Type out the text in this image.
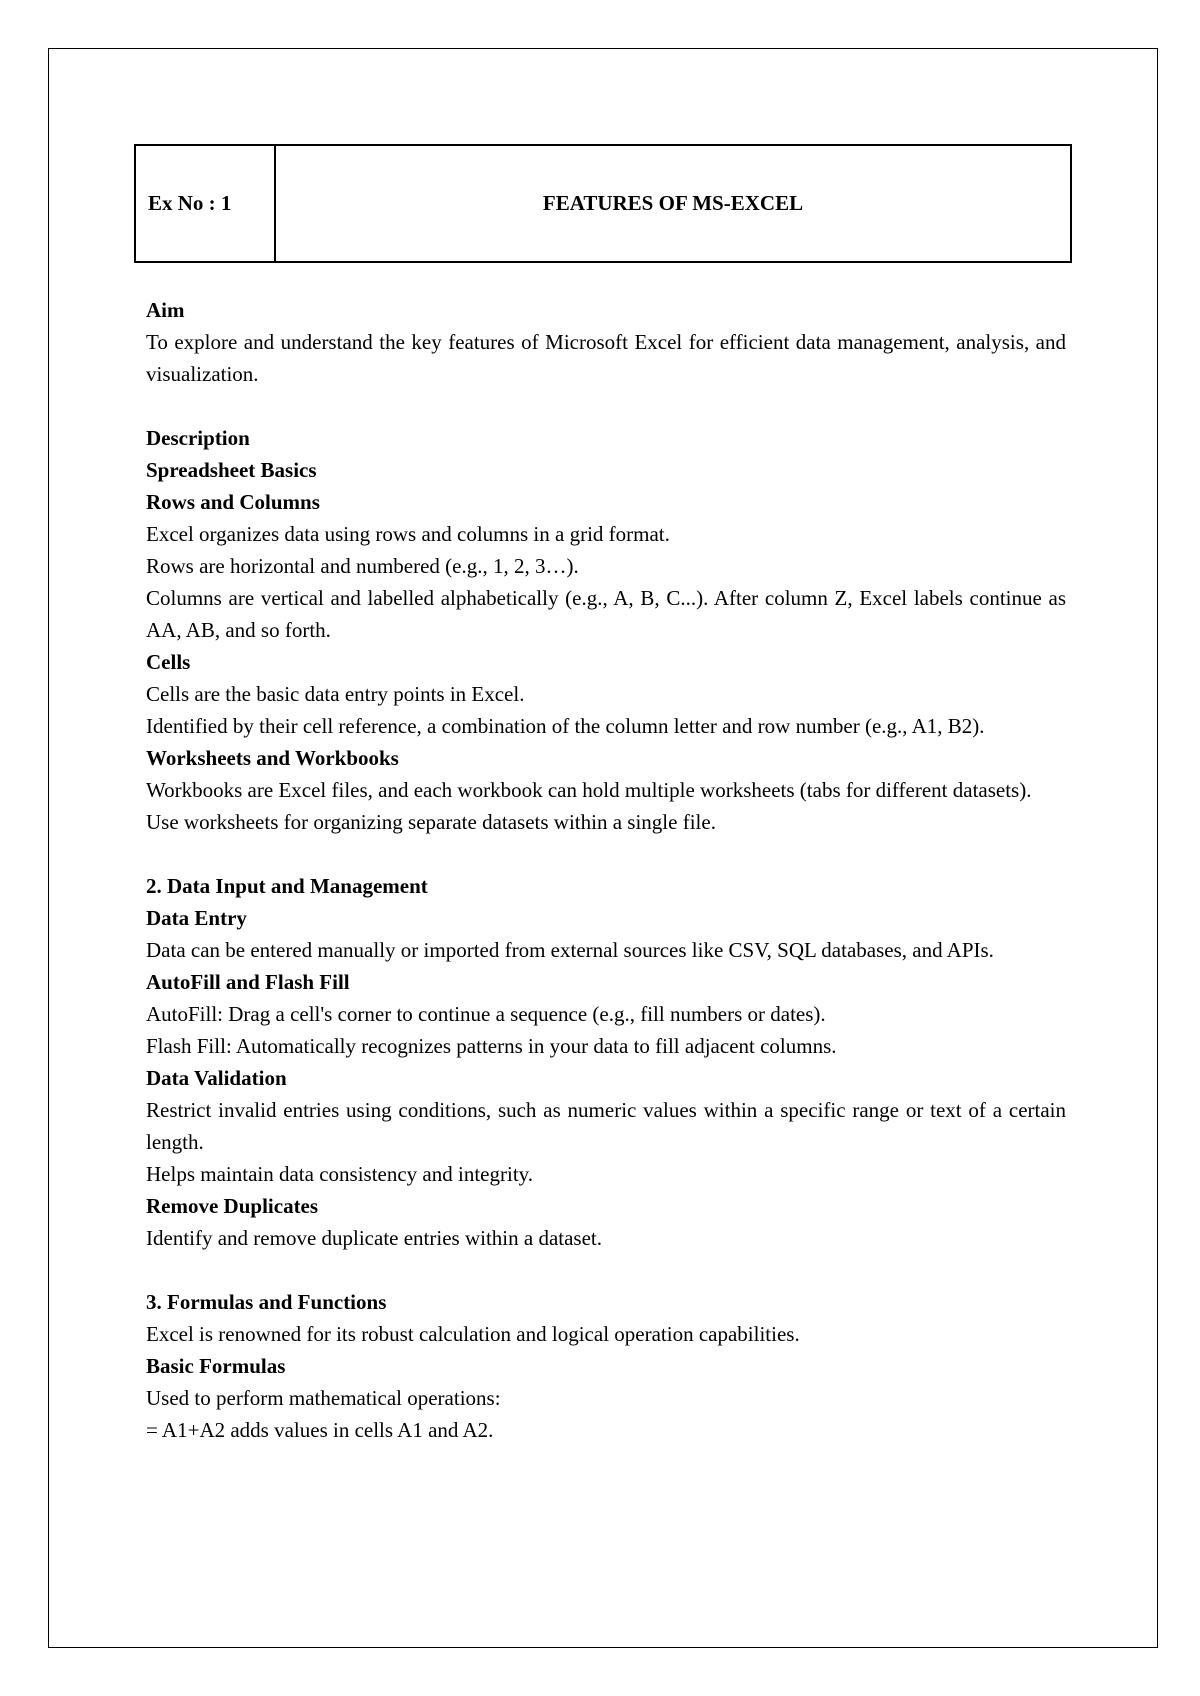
Ex No : 1	FEATURES OF MS-EXCEL
Aim

To explore and understand the key features of Microsoft Excel for efficient data management, analysis, and visualization.

Description
Spreadsheet Basics
Rows and Columns

Excel organizes data using rows and columns in a grid format.

Rows are horizontal and numbered (e.g., 1, 2, 3…).

Columns are vertical and labelled alphabetically (e.g., A, B, C...). After column Z, Excel labels continue as AA, AB, and so forth.

Cells

Cells are the basic data entry points in Excel.

Identified by their cell reference, a combination of the column letter and row number (e.g., A1, B2).

Worksheets and Workbooks

Workbooks are Excel files, and each workbook can hold multiple worksheets (tabs for different datasets).

Use worksheets for organizing separate datasets within a single file.

2. Data Input and Management
Data Entry

Data can be entered manually or imported from external sources like CSV, SQL databases, and APIs.

AutoFill and Flash Fill

AutoFill: Drag a cell's corner to continue a sequence (e.g., fill numbers or dates).

Flash Fill: Automatically recognizes patterns in your data to fill adjacent columns.

Data Validation

Restrict invalid entries using conditions, such as numeric values within a specific range or text of a certain length.

Helps maintain data consistency and integrity.

Remove Duplicates

Identify and remove duplicate entries within a dataset.

3. Formulas and Functions

Excel is renowned for its robust calculation and logical operation capabilities.

Basic Formulas

Used to perform mathematical operations:

= A1+A2 adds values in cells A1 and A2.
